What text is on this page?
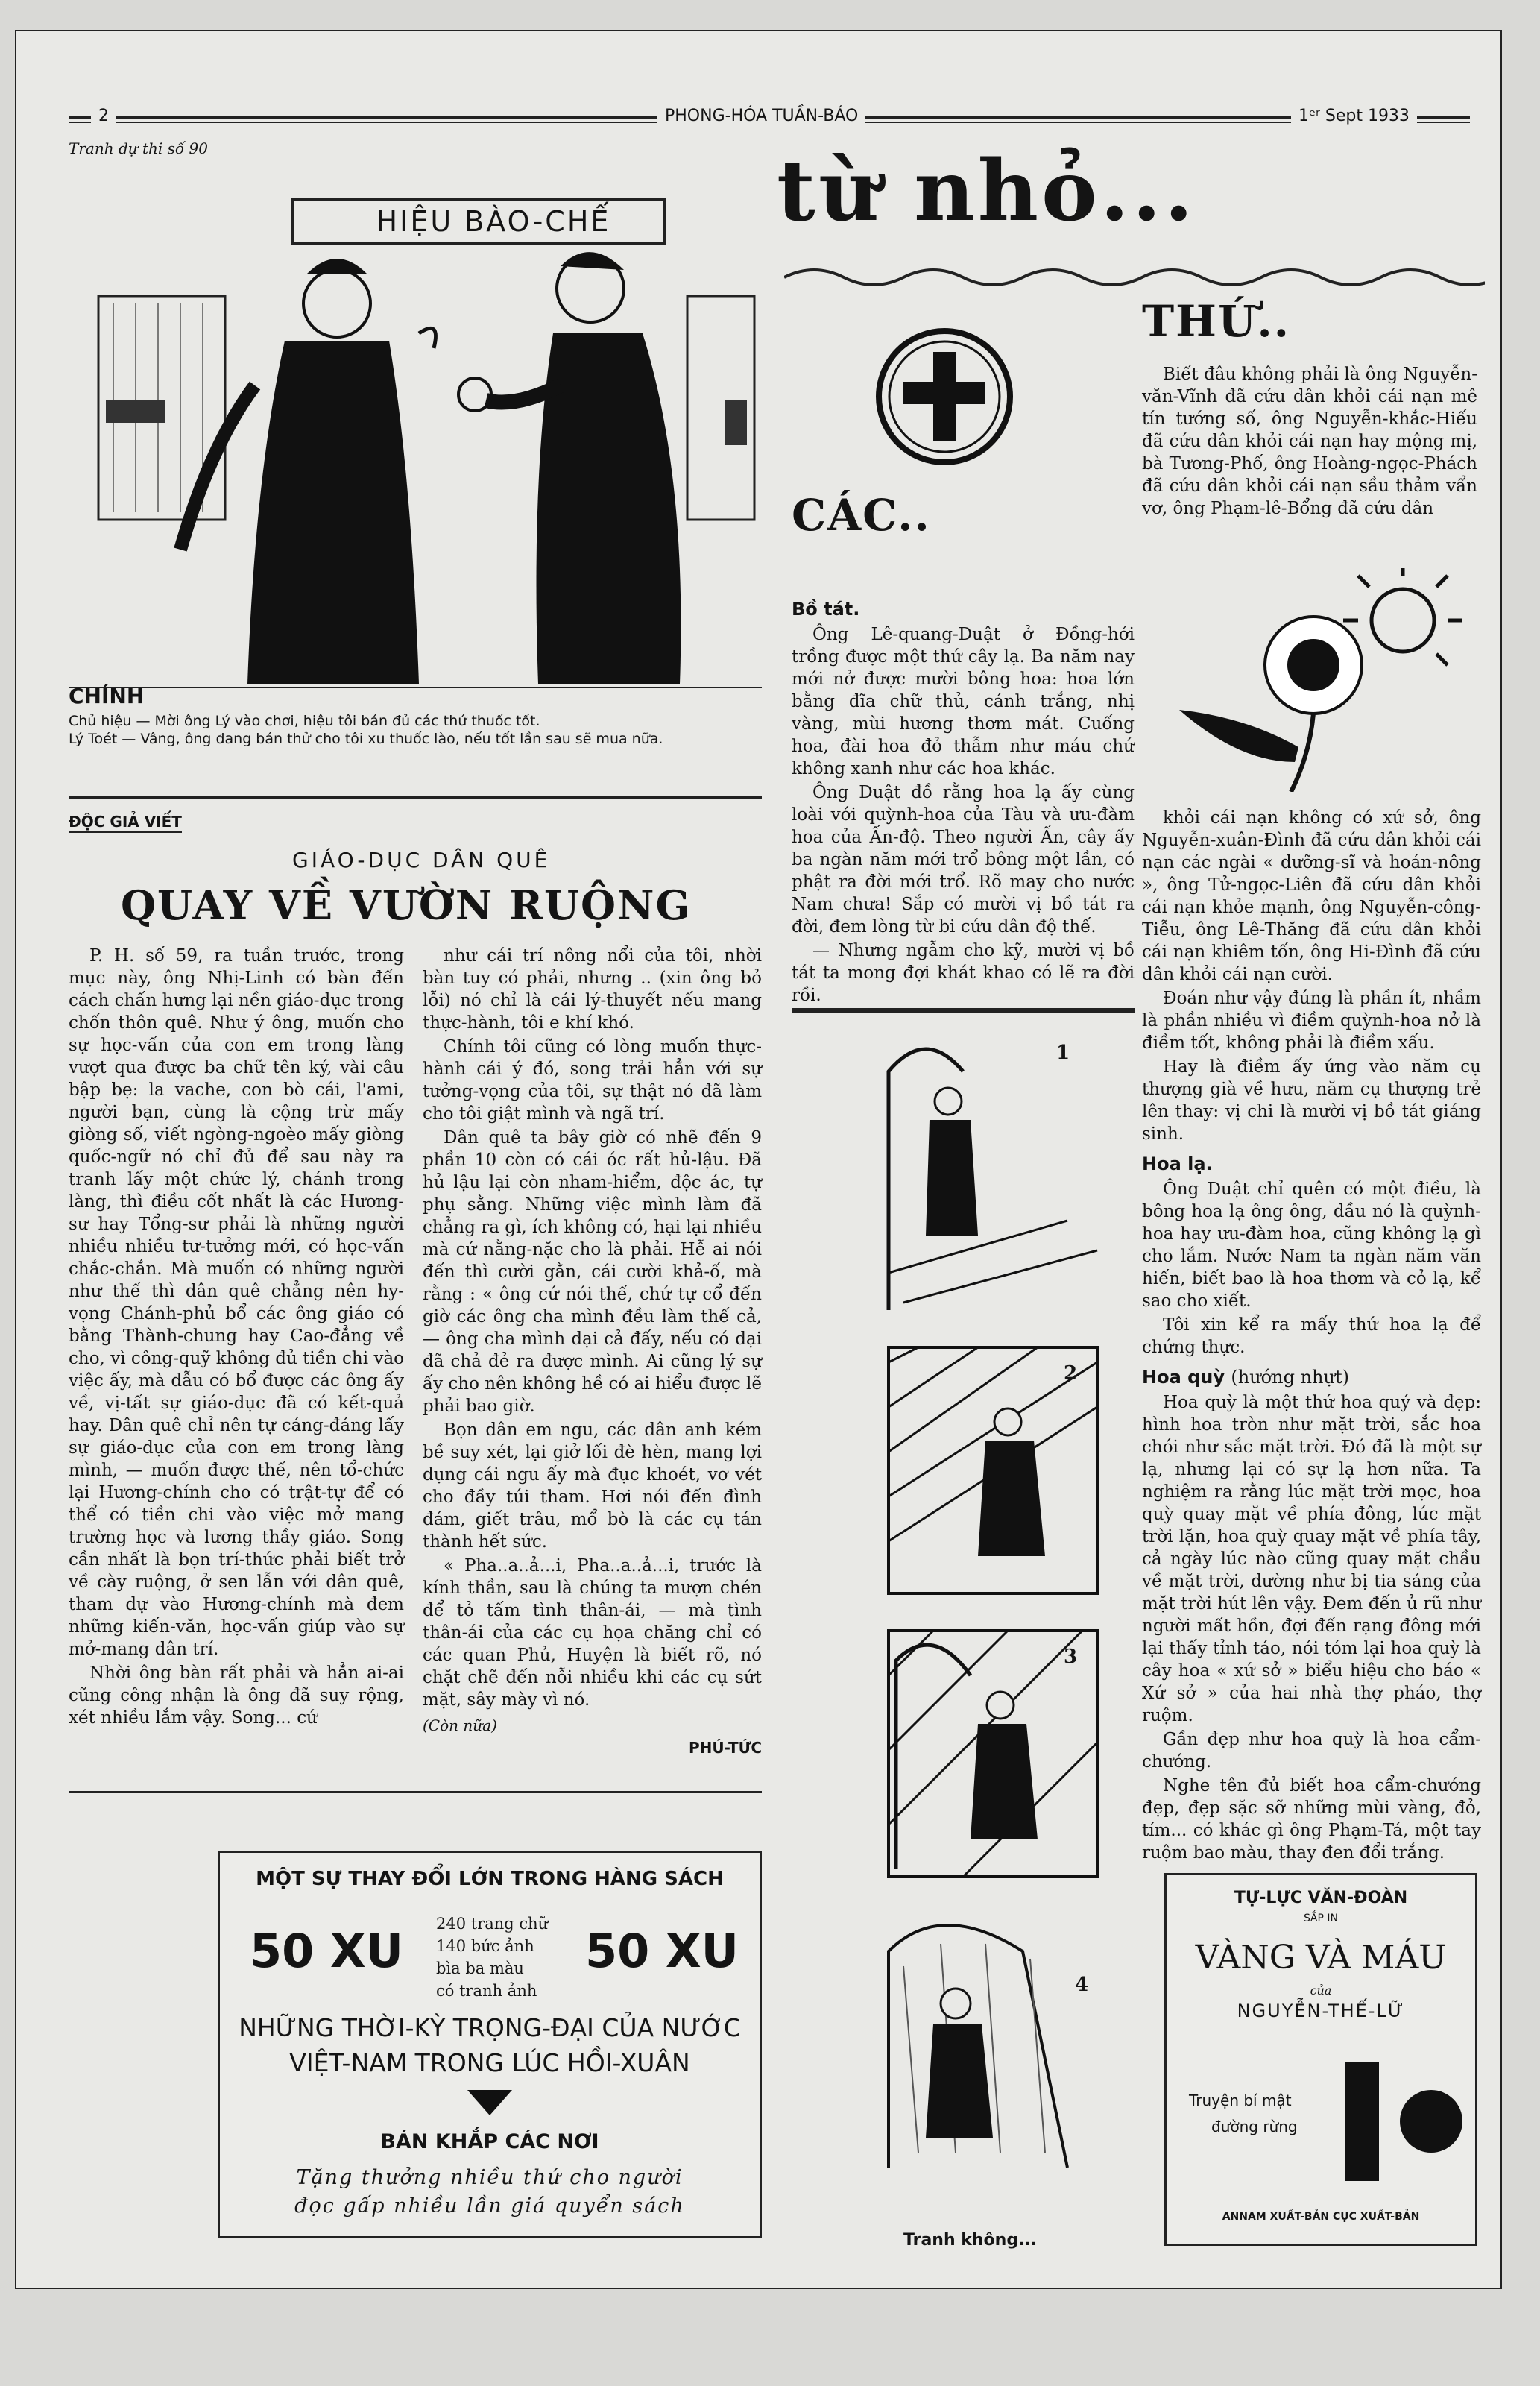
2	PHONG-HÓA TUẦN-BÁO	1ᵉʳ Sept 1933
Tranh dự thi số 90
HIỆU BÀO-CHẾ
CHÍNH
Chủ hiệu — Mời ông Lý vào chơi, hiệu tôi bán đủ các thứ thuốc tốt.
Lý Toét — Vâng, ông đang bán thử cho tôi xu thuốc lào, nếu tốt lần sau sẽ mua nữa.
ĐỘC GIẢ VIẾT
GIÁO-DỤC DÂN QUÊ
QUAY VỀ VƯỜN RUỘNG

P. H. số 59, ra tuần trước, trong mục này, ông Nhị-Linh có bàn đến cách chấn hưng lại nền giáo-dục trong chốn thôn quê. Như ý ông, muốn cho sự học-vấn của con em trong làng vượt qua được ba chữ tên ký, vài câu bập bẹ: la vache, con bò cái, l'ami, người bạn, cùng là cộng trừ mấy giòng số, viết ngòng-ngoèo mấy giòng quốc-ngữ nó chỉ đủ để sau này ra tranh lấy một chức lý, chánh trong làng, thì điều cốt nhất là các Hương-sư hay Tổng-sư phải là những người nhiều nhiều tư-tưởng mới, có học-vấn chắc-chắn. Mà muốn có những người như thế thì dân quê chẳng nên hy-vọng Chánh-phủ bổ các ông giáo có bằng Thành-chung hay Cao-đẳng về cho, vì công-quỹ không đủ tiền chi vào việc ấy, mà dẫu có bổ được các ông ấy về, vị-tất sự giáo-dục đã có kết-quả hay. Dân quê chỉ nên tự cáng-đáng lấy sự giáo-dục của con em trong làng mình, — muốn được thế, nên tổ-chức lại Hương-chính cho có trật-tự để có thể có tiền chi vào việc mở mang trường học và lương thầy giáo. Song cần nhất là bọn trí-thức phải biết trở về cày ruộng, ở sen lẫn với dân quê, tham dự vào Hương-chính mà đem những kiến-văn, học-vấn giúp vào sự mở-mang dân trí.

Nhời ông bàn rất phải và hẳn ai-ai cũng công nhận là ông đã suy rộng, xét nhiều lắm vậy. Song... cứ

như cái trí nông nổi của tôi, nhời bàn tuy có phải, nhưng .. (xin ông bỏ lỗi) nó chỉ là cái lý-thuyết nếu mang thực-hành, tôi e khí khó.

Chính tôi cũng có lòng muốn thực-hành cái ý đó, song trải hẳn với sự tưởng-vọng của tôi, sự thật nó đã làm cho tôi giật mình và ngã trí.

Dân quê ta bây giờ có nhẽ đến 9 phần 10 còn có cái óc rất hủ-lậu. Đã hủ lậu lại còn nham-hiểm, độc ác, tự phụ sằng. Những việc mình làm đã chẳng ra gì, ích không có, hại lại nhiều mà cứ nằng-nặc cho là phải. Hễ ai nói đến thì cười gằn, cái cười khả-ố, mà rằng : « ông cứ nói thế, chứ tự cổ đến giờ các ông cha mình đều làm thế cả, — ông cha mình dại cả đấy, nếu có dại đã chả đẻ ra được mình. Ai cũng lý sự ấy cho nên không hề có ai hiểu được lẽ phải bao giờ.

Bọn dân em ngu, các dân anh kém bề suy xét, lại giở lối đè hèn, mang lợi dụng cái ngu ấy mà đục khoét, vơ vét cho đầy túi tham. Hơi nói đến đình đám, giết trâu, mổ bò là các cụ tán thành hết sức.

« Pha..a..ả...i, Pha..a..ả...i, trước là kính thần, sau là chúng ta mượn chén để tỏ tấm tình thân-ái, — mà tình thân-ái của các cụ họa chăng chỉ có các quan Phủ, Huyện là biết rõ, nó chặt chẽ đến nỗi nhiều khi các cụ sứt mặt, sây mày vì nó.

(Còn nữa)
PHÚ-TỨC
MỘT SỰ THAY ĐỔI LỚN TRONG HÀNG SÁCH
50 XU	50 XU
240 trang chữ
140 bức ảnh
bìa ba màu
có tranh ảnh
NHỮNG THỜI-KỲ TRỌNG-ĐẠI CỦA NƯỚC
VIỆT-NAM TRONG LÚC HỒI-XUÂN
BÁN KHẮP CÁC NƠI
Tặng thưởng nhiều thứ cho người
đọc gấp nhiều lần giá quyển sách
từ nhỏ...
THỨ..
CÁC..

Biết đâu không phải là ông Nguyễn-văn-Vĩnh đã cứu dân khỏi cái nạn mê tín tướng số, ông Nguyễn-khắc-Hiếu đã cứu dân khỏi cái nạn hay mộng mị, bà Tương-Phố, ông Hoàng-ngọc-Phách đã cứu dân khỏi cái nạn sầu thảm vẩn vơ, ông Phạm-lê-Bổng đã cứu dân

Bồ tát.

Ông Lê-quang-Duật ở Đồng-hới trồng được một thứ cây lạ. Ba năm nay mới nở được mười bông hoa: hoa lớn bằng đĩa chữ thủ, cánh trắng, nhị vàng, mùi hương thơm mát. Cuống hoa, đài hoa đỏ thẫm như máu chứ không xanh như các hoa khác.

Ông Duật đồ rằng hoa lạ ấy cùng loài với quỳnh-hoa của Tàu và ưu-đàm hoa của Ấn-độ. Theo người Ấn, cây ấy ba ngàn năm mới trổ bông một lần, có phật ra đời mới trổ. Rõ may cho nước Nam chưa! Sắp có mười vị bồ tát ra đời, đem lòng từ bi cứu dân độ thế.

— Nhưng ngẫm cho kỹ, mười vị bồ tát ta mong đợi khát khao có lẽ ra đời rồi.

khỏi cái nạn không có xứ sở, ông Nguyễn-xuân-Đình đã cứu dân khỏi cái nạn các ngài « dưỡng-sĩ và hoán-nông », ông Tử-ngọc-Liên đã cứu dân khỏi cái nạn khỏe mạnh, ông Nguyễn-công-Tiễu, ông Lê-Thăng đã cứu dân khỏi cái nạn khiêm tốn, ông Hi-Đình đã cứu dân khỏi cái nạn cười.

Đoán như vậy đúng là phần ít, nhầm là phần nhiều vì điềm quỳnh-hoa nở là điềm tốt, không phải là điềm xấu.

Hay là điềm ấy ứng vào năm cụ thượng già về hưu, năm cụ thượng trẻ lên thay: vị chi là mười vị bồ tát giáng sinh.

Hoa lạ.

Ông Duật chỉ quên có một điều, là bông hoa lạ ông ông, dầu nó là quỳnh-hoa hay ưu-đàm hoa, cũng không lạ gì cho lắm. Nước Nam ta ngàn năm văn hiến, biết bao là hoa thơm và cỏ lạ, kể sao cho xiết.

Tôi xin kể ra mấy thứ hoa lạ để chứng thực.

Hoa quỳ (hướng nhựt)

Hoa quỳ là một thứ hoa quý và đẹp: hình hoa tròn như mặt trời, sắc hoa chói như sắc mặt trời. Đó đã là một sự lạ, nhưng lại có sự lạ hơn nữa. Ta nghiệm ra rằng lúc mặt trời mọc, hoa quỳ quay mặt về phía đông, lúc mặt trời lặn, hoa quỳ quay mặt về phía tây, cả ngày lúc nào cũng quay mặt chầu về mặt trời, dường như bị tia sáng của mặt trời hút lên vậy. Đem đến ủ rũ như người mất hồn, đợi đến rạng đông mới lại thấy tỉnh táo, nói tóm lại hoa quỳ là cây hoa « xứ sở » biểu hiệu cho báo « Xứ sở » của hai nhà thợ pháo, thợ ruộm.

Gần đẹp như hoa quỳ là hoa cẩm-chướng.

Nghe tên đủ biết hoa cẩm-chướng đẹp, đẹp sặc sỡ những mùi vàng, đỏ, tím... có khác gì ông Phạm-Tá, một tay ruộm bao màu, thay đen đổi trắng.

1
2
3
4
Tranh không...
TỰ-LỰC VĂN-ĐOÀN
SẮP IN
VÀNG VÀ MÁU
của
NGUYỄN-THẾ-LỮ
Truyện bí mật
đường rừng
ANNAM XUẤT-BẢN CỤC XUẤT-BẢN
